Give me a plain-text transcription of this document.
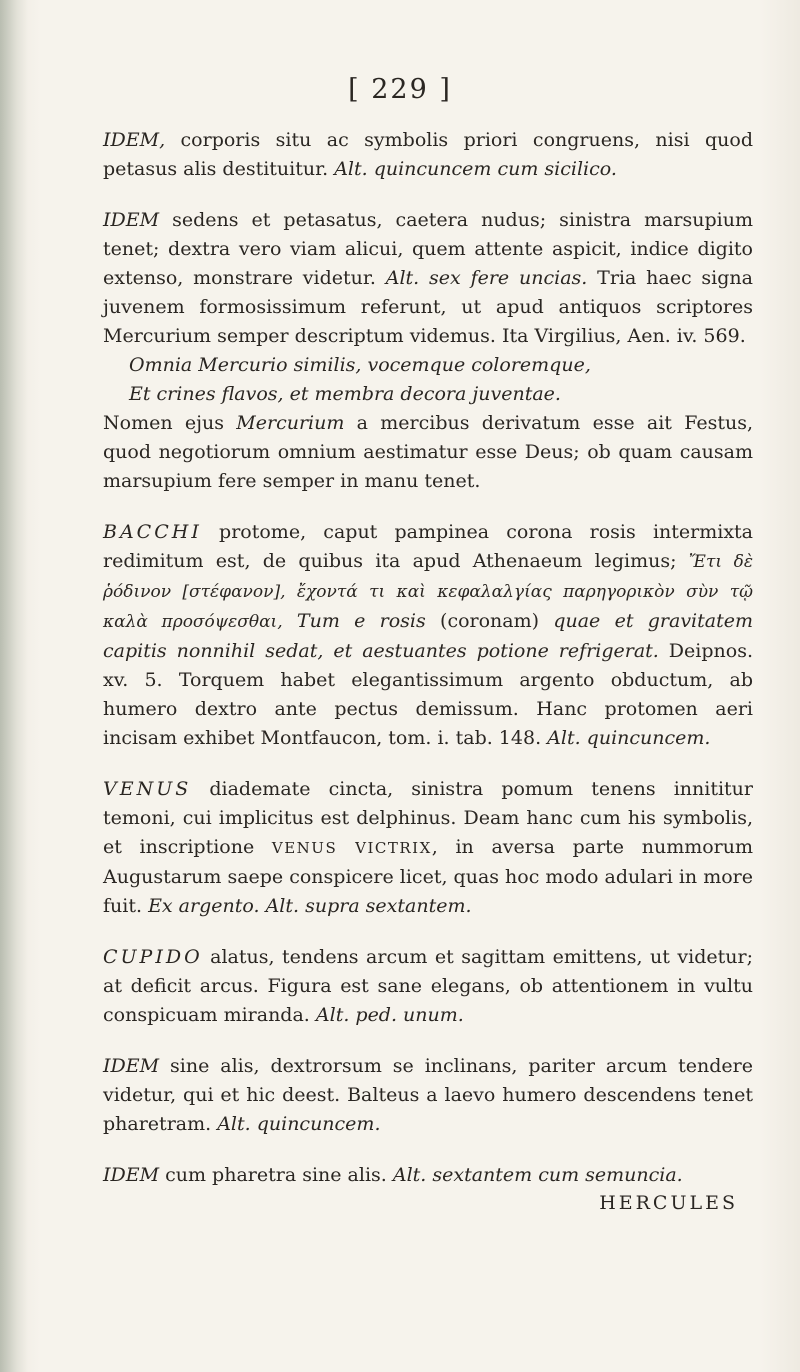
[ 229 ]

IDEM, corporis situ ac symbolis priori congruens, nisi quod petasus alis destituitur. Alt. quincuncem cum sicilico.

IDEM sedens et petasatus, caetera nudus; sinistra marsupium tenet; dextra vero viam alicui, quem attente aspicit, indice digito extenso, monstrare videtur. Alt. sex fere uncias. Tria haec signa juvenem formosissimum referunt, ut apud antiquos scriptores Mercurium semper descriptum videmus. Ita Virgilius, Aen. iv. 569.

Omnia Mercurio similis, vocemque coloremque,
Et crines flavos, et membra decora juventae.

Nomen ejus Mercurium a mercibus derivatum esse ait Festus, quod negotiorum omnium aestimatur esse Deus; ob quam causam marsupium fere semper in manu tenet.

BACCHI protome, caput pampinea corona rosis intermixta redimitum est, de quibus ita apud Athenaeum legimus; Ἔτι δὲ ῥόδινον [στέφανον], ἔχοντά τι καὶ κεφαλαλγίας παρηγορικὸν σὺν τῷ καλὰ προσόψεσθαι, Tum e rosis (coronam) quae et gravitatem capitis nonnihil sedat, et aestuantes potione refrigerat. Deipnos. xv. 5. Torquem habet elegantissimum argento obductum, ab humero dextro ante pectus demissum. Hanc protomen aeri incisam exhibet Montfaucon, tom. i. tab. 148. Alt. quincuncem.

VENUS diademate cincta, sinistra pomum tenens innititur temoni, cui implicitus est delphinus. Deam hanc cum his symbolis, et inscriptione VENUS VICTRIX, in aversa parte nummorum Augustarum saepe conspicere licet, quas hoc modo adulari in more fuit. Ex argento. Alt. supra sextantem.

CUPIDO alatus, tendens arcum et sagittam emittens, ut videtur; at deficit arcus. Figura est sane elegans, ob attentionem in vultu conspicuam miranda. Alt. ped. unum.

IDEM sine alis, dextrorsum se inclinans, pariter arcum tendere videtur, qui et hic deest. Balteus a laevo humero descendens tenet pharetram. Alt. quincuncem.

IDEM cum pharetra sine alis. Alt. sextantem cum semuncia.

HERCULES
